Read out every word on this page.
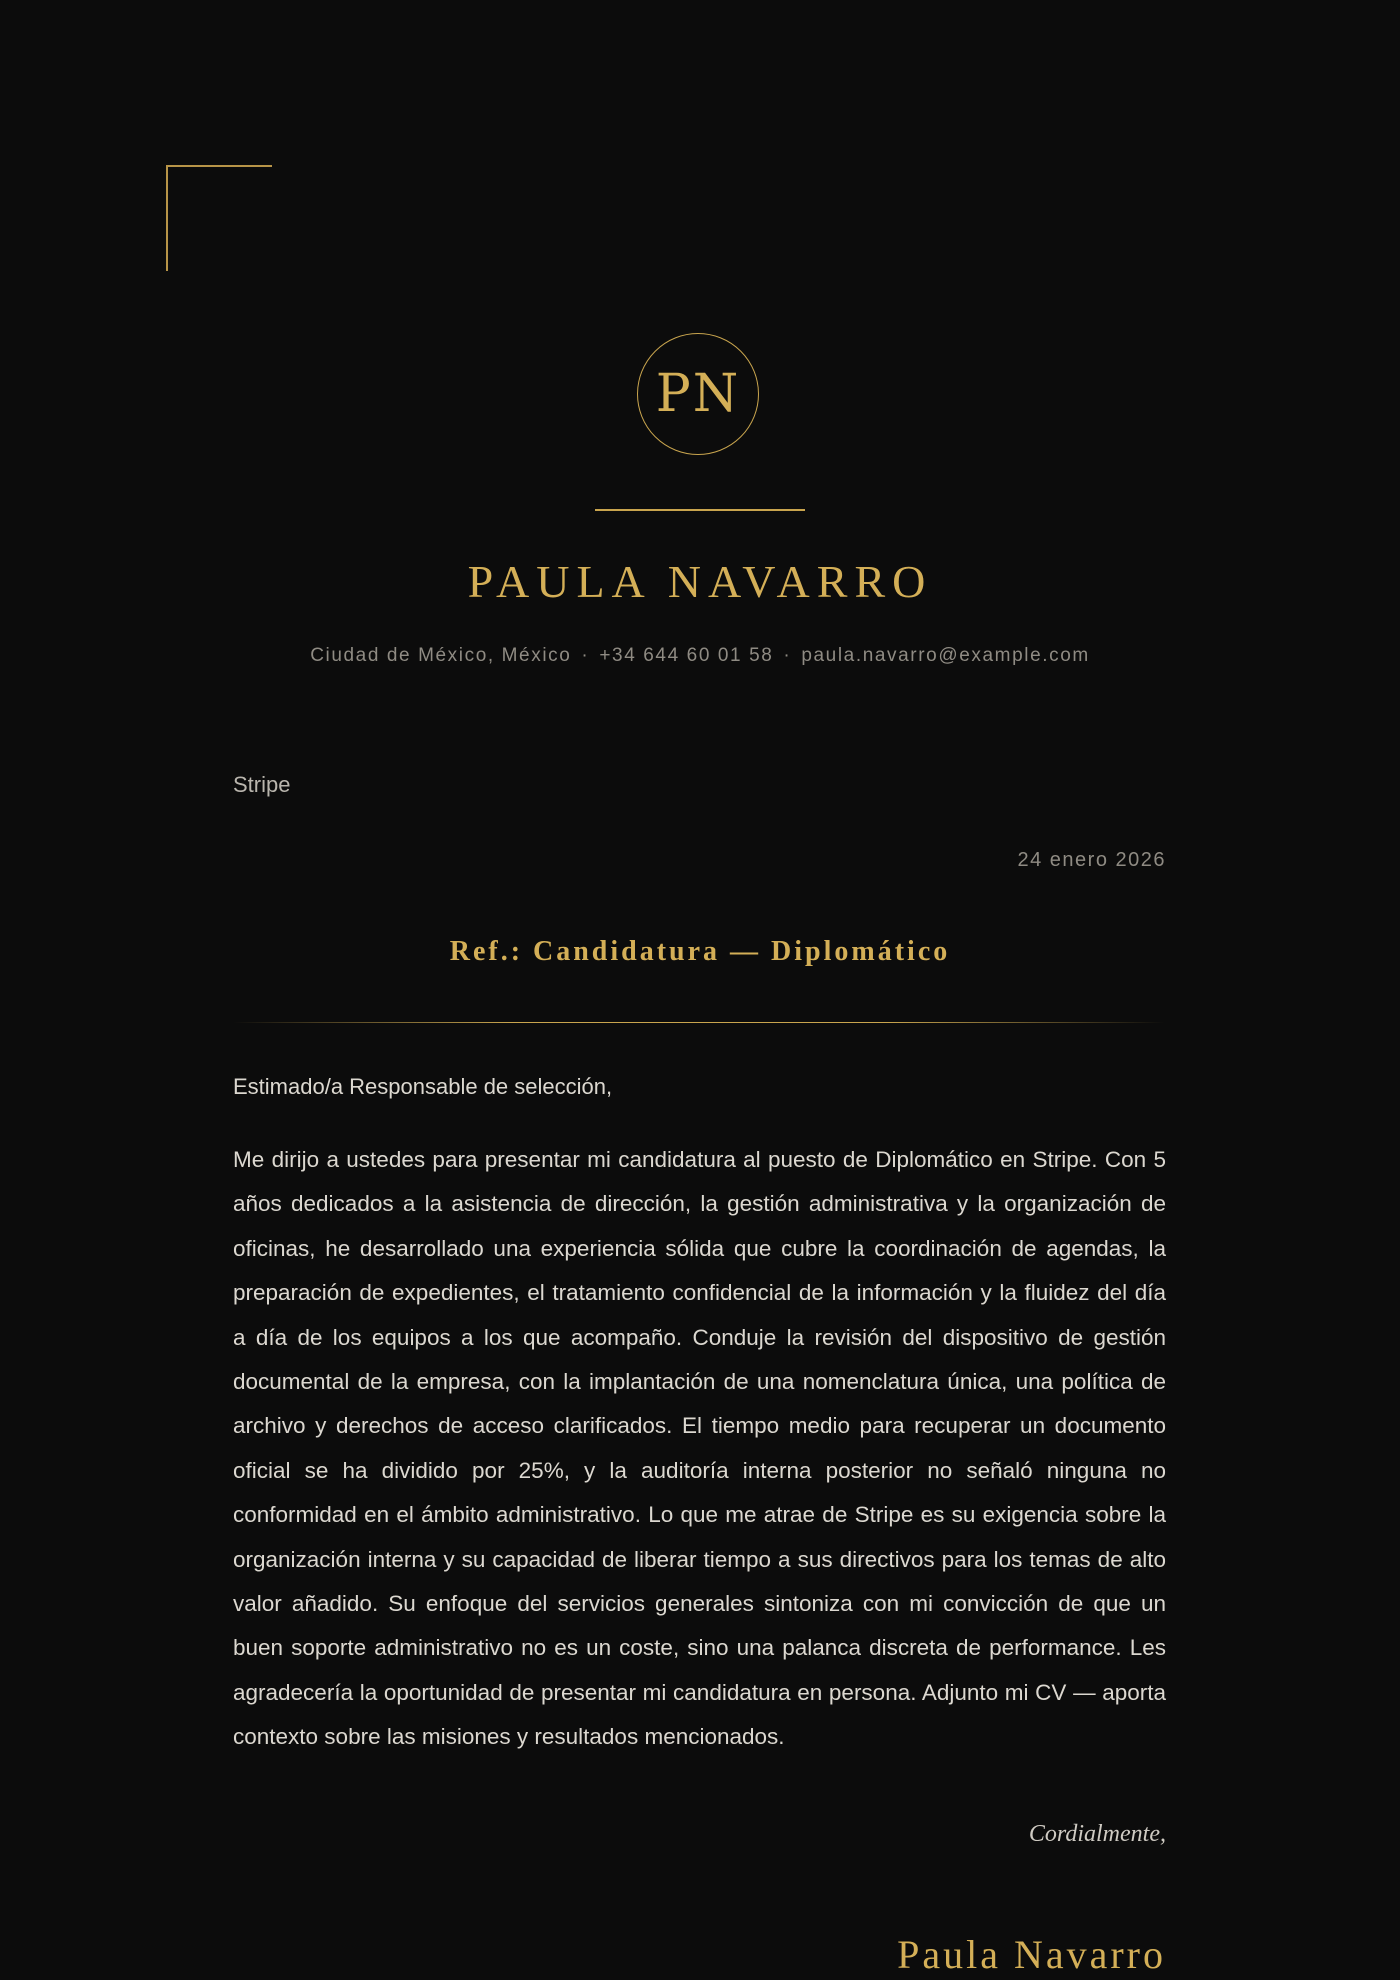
PN
PAULA NAVARRO
Ciudad de México, México · +34 644 60 01 58 · paula.navarro@example.com
Stripe
24 enero 2026
Ref.: Candidatura — Diplomático
Estimado/a Responsable de selección,

Me dirijo a ustedes para presentar mi candidatura al puesto de Diplomático en Stripe. Con 5 años dedicados a la asistencia de dirección, la gestión administrativa y la organización de oficinas, he desarrollado una experiencia sólida que cubre la coordinación de agendas, la preparación de expedientes, el tratamiento confidencial de la información y la fluidez del día a día de los equipos a los que acompaño. Conduje la revisión del dispositivo de gestión documental de la empresa, con la implantación de una nomenclatura única, una política de archivo y derechos de acceso clarificados. El tiempo medio para recuperar un documento oficial se ha dividido por 25%, y la auditoría interna posterior no señaló ninguna no conformidad en el ámbito administrativo. Lo que me atrae de Stripe es su exigencia sobre la organización interna y su capacidad de liberar tiempo a sus directivos para los temas de alto valor añadido. Su enfoque del servicios generales sintoniza con mi convicción de que un buen soporte administrativo no es un coste, sino una palanca discreta de performance. Les agradecería la oportunidad de presentar mi candidatura en persona. Adjunto mi CV — aporta contexto sobre las misiones y resultados mencionados.

Cordialmente,
Paula Navarro
